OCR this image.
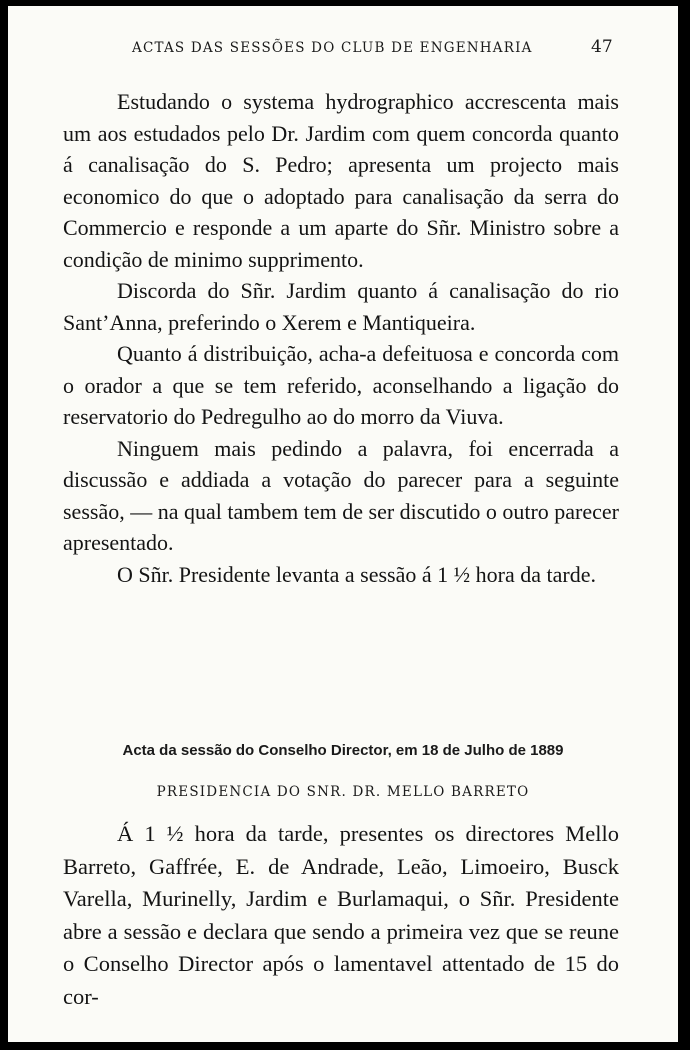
ACTAS DAS SESSÕES DO CLUB DE ENGENHARIA	47

Estudando o systema hydrographico accrescenta mais um aos estudados pelo Dr. Jardim com quem concorda quanto á canalisação do S. Pedro; apresenta um projecto mais economico do que o adoptado para canalisação da serra do Commercio e responde a um aparte do Sñr. Ministro sobre a condição de minimo supprimento.

Discorda do Sñr. Jardim quanto á canalisação do rio Sant’Anna, preferindo o Xerem e Mantiqueira.

Quanto á distribuição, acha-a defeituosa e concorda com o orador a que se tem referido, aconselhando a ligação do reservatorio do Pedregulho ao do morro da Viuva.

Ninguem mais pedindo a palavra, foi encerrada a discussão e addiada a votação do parecer para a seguinte sessão, — na qual tambem tem de ser discutido o outro parecer apresentado.

O Sñr. Presidente levanta a sessão á 1 ½ hora da tarde.

Acta da sessão do Conselho Director, em 18 de Julho de 1889
PRESIDENCIA DO SNR. DR. MELLO BARRETO

Á 1 ½ hora da tarde, presentes os directores Mello Barreto, Gaffrée, E. de Andrade, Leão, Limoeiro, Busck Varella, Murinelly, Jardim e Burlamaqui, o Sñr. Presidente abre a sessão e declara que sendo a primeira vez que se reune o Conselho Director após o lamentavel attentado de 15 do cor-
